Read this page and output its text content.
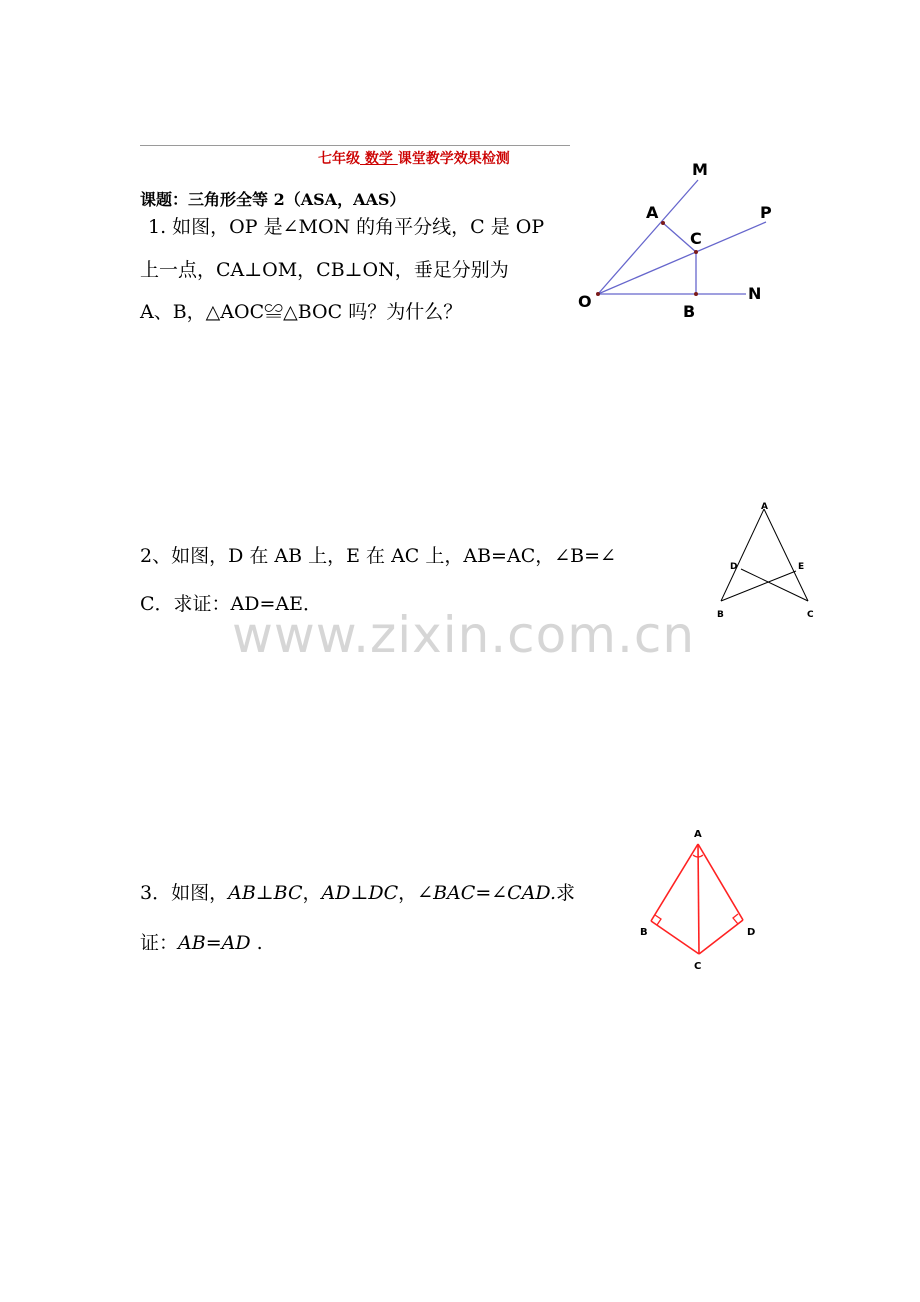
七年级 数学 课堂教学效果检测
课题：三角形全等 2（ASA，AAS）
1. 如图，OP 是∠MON 的角平分线，C 是 OP
上一点，CA⊥OM，CB⊥ON，垂足分别为
A、B，△AOC≌△BOC 吗？为什么？
M
A	P
C
O	N
B
2、如图，D 在 AB 上，E 在 AC 上，AB=AC，∠B=∠
C．求证：AD=AE．
A
D	E
B	C
www.zixin.com.cn
3．如图，AB⊥BC，AD⊥DC，∠BAC=∠CAD.求
证：AB=AD .
A
B	D
C
